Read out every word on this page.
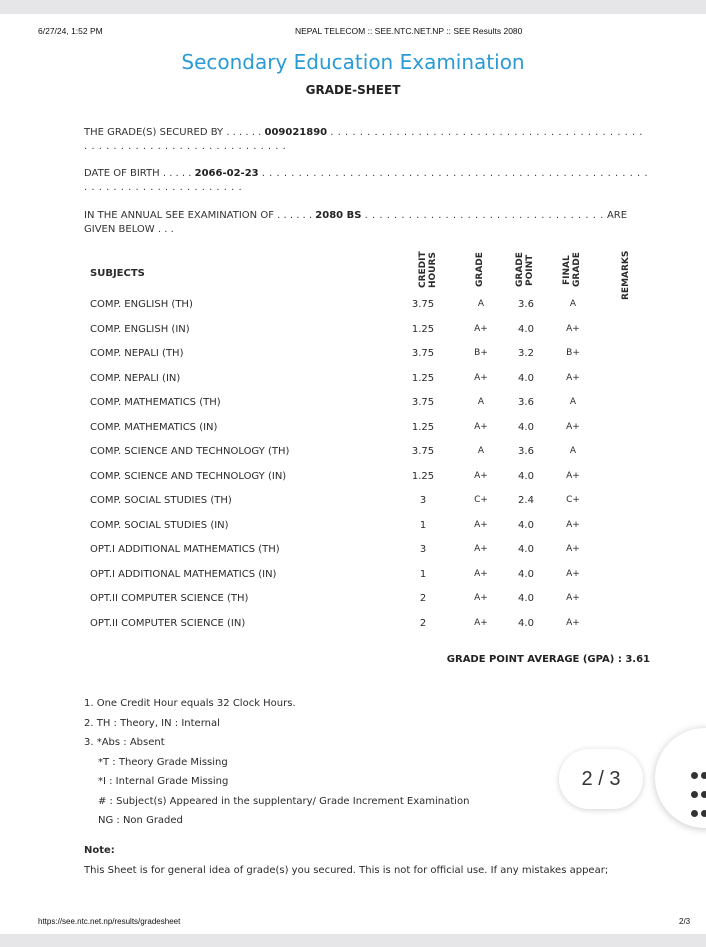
6/27/24, 1:52 PM	NEPAL TELECOM :: SEE.NTC.NET.NP :: SEE Results 2080
Secondary Education Examination
GRADE-SHEET
THE GRADE(S) SECURED BY . . . . . . 009021890 . . . . . . . . . . . . . . . . . . . . . . . . . . . . . . . . . . . . . . . . . . . . . . . . . . . . . . . . . . . . . . . . . . . . . . .
DATE OF BIRTH . . . . . 2066-02-23 . . . . . . . . . . . . . . . . . . . . . . . . . . . . . . . . . . . . . . . . . . . . . . . . . . . . . . . . . . . . . . . . . . . . . . . . . . .
IN THE ANNUAL SEE EXAMINATION OF . . . . . . 2080 BS . . . . . . . . . . . . . . . . . . . . . . . . . . . . . . . . . ARE GIVEN BELOW . . .
SUBJECTS	CREDIT HOURS	GRADE	GRADE POINT	FINAL GRADE	REMARKS
COMP. ENGLISH (TH)	3.75	A	3.6	A
COMP. ENGLISH (IN)	1.25	A+	4.0	A+
COMP. NEPALI (TH)	3.75	B+	3.2	B+
COMP. NEPALI (IN)	1.25	A+	4.0	A+
COMP. MATHEMATICS (TH)	3.75	A	3.6	A
COMP. MATHEMATICS (IN)	1.25	A+	4.0	A+
COMP. SCIENCE AND TECHNOLOGY (TH)	3.75	A	3.6	A
COMP. SCIENCE AND TECHNOLOGY (IN)	1.25	A+	4.0	A+
COMP. SOCIAL STUDIES (TH)	3	C+	2.4	C+
COMP. SOCIAL STUDIES (IN)	1	A+	4.0	A+
OPT.I ADDITIONAL MATHEMATICS (TH)	3	A+	4.0	A+
OPT.I ADDITIONAL MATHEMATICS (IN)	1	A+	4.0	A+
OPT.II COMPUTER SCIENCE (TH)	2	A+	4.0	A+
OPT.II COMPUTER SCIENCE (IN)	2	A+	4.0	A+
GRADE POINT AVERAGE (GPA) : 3.61
1. One Credit Hour equals 32 Clock Hours.
2. TH : Theory, IN : Internal
3. *Abs : Absent
*T : Theory Grade Missing
*I : Internal Grade Missing
# : Subject(s) Appeared in the supplentary/ Grade Increment Examination
NG : Non Graded
Note:
This Sheet is for general idea of grade(s) you secured. This is not for official use. If any mistakes appear;
https://see.ntc.net.np/results/gradesheet	2/3
2 / 3
